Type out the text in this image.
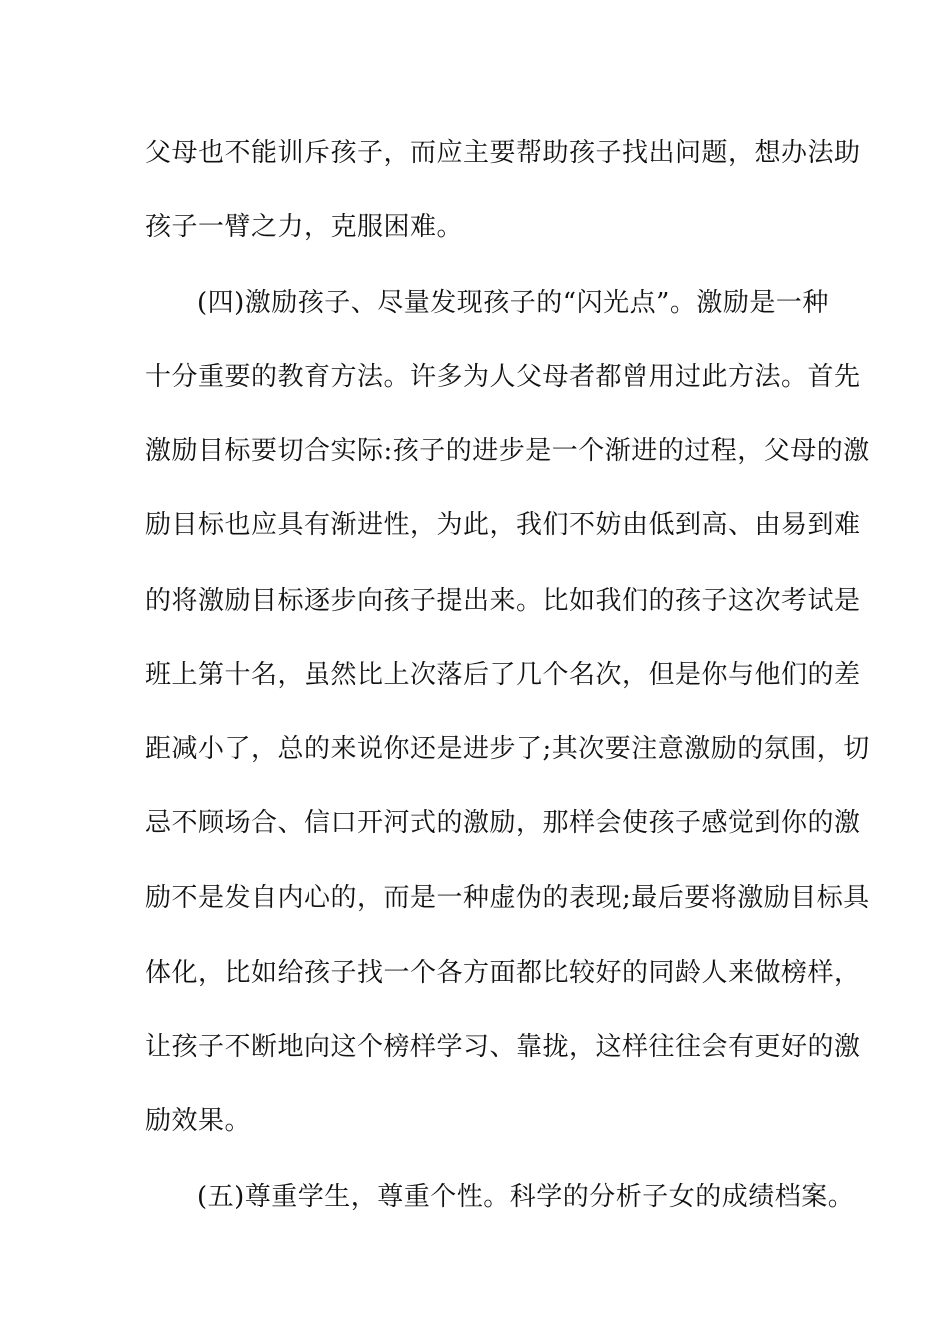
父母也不能训斥孩子，而应主要帮助孩子找出问题，想办法助
孩子一臂之力，克服困难。
(四)激励孩子、尽量发现孩子的“闪光点”。激励是一种
十分重要的教育方法。许多为人父母者都曾用过此方法。首先
激励目标要切合实际:孩子的进步是一个渐进的过程，父母的激
励目标也应具有渐进性，为此，我们不妨由低到高、由易到难
的将激励目标逐步向孩子提出来。比如我们的孩子这次考试是
班上第十名，虽然比上次落后了几个名次，但是你与他们的差
距减小了，总的来说你还是进步了;其次要注意激励的氛围，切
忌不顾场合、信口开河式的激励，那样会使孩子感觉到你的激
励不是发自内心的，而是一种虚伪的表现;最后要将激励目标具
体化，比如给孩子找一个各方面都比较好的同龄人来做榜样，
让孩子不断地向这个榜样学习、靠拢，这样往往会有更好的激
励效果。
(五)尊重学生，尊重个性。科学的分析子女的成绩档案。
